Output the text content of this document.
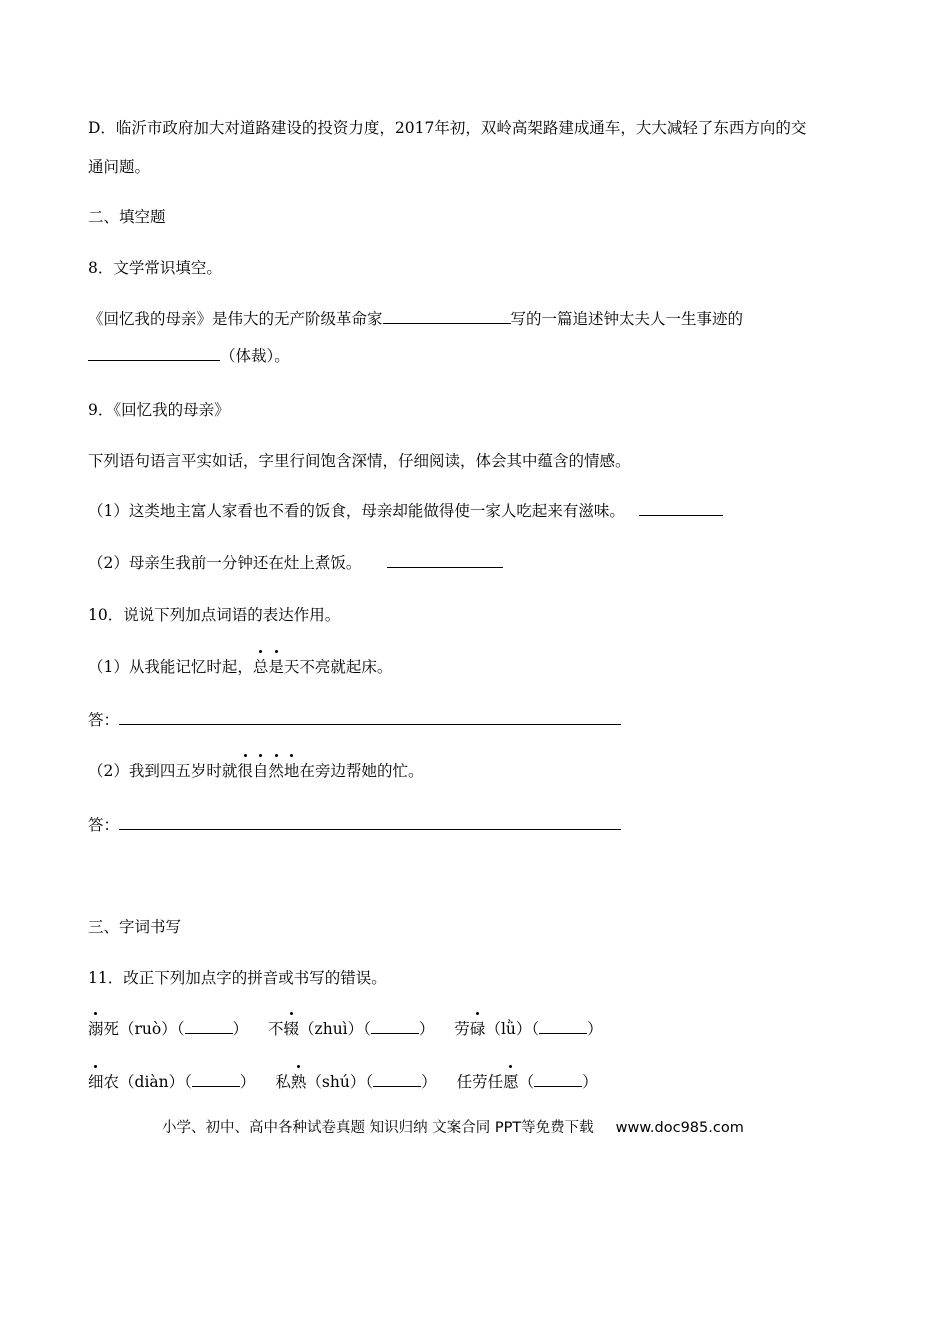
D．临沂市政府加大对道路建设的投资力度，2017年初，双岭高架路建成通车，大大减轻了东西方向的交
通问题。
二、填空题
8．文学常识填空。
《回忆我的母亲》是伟大的无产阶级革命家	写的一篇追述钟太夫人一生事迹的
（体裁）。
9．《回忆我的母亲》
下列语句语言平实如话，字里行间饱含深情，仔细阅读，体会其中蕴含的情感。
（1）这类地主富人家看也不看的饭食，母亲却能做得使一家人吃起来有滋味。
（2）母亲生我前一分钟还在灶上煮饭。
10．说说下列加点词语的表达作用。
（1）从我能记忆时起，总是天不亮就起床。
答：
（2）我到四五岁时就很自然地在旁边帮她的忙。
答：
三、字词书写
11．改正下列加点字的拼音或书写的错误。
溺死（ruò）（	） 不辍（zhuì）（	） 劳碌（lǜ）（	）
细农（diàn）（	） 私熟（shú）（	） 任劳任愿（	）
小学、初中、高中各种试卷真题 知识归纳 文案合同 PPT等免费下载 www.doc985.com
